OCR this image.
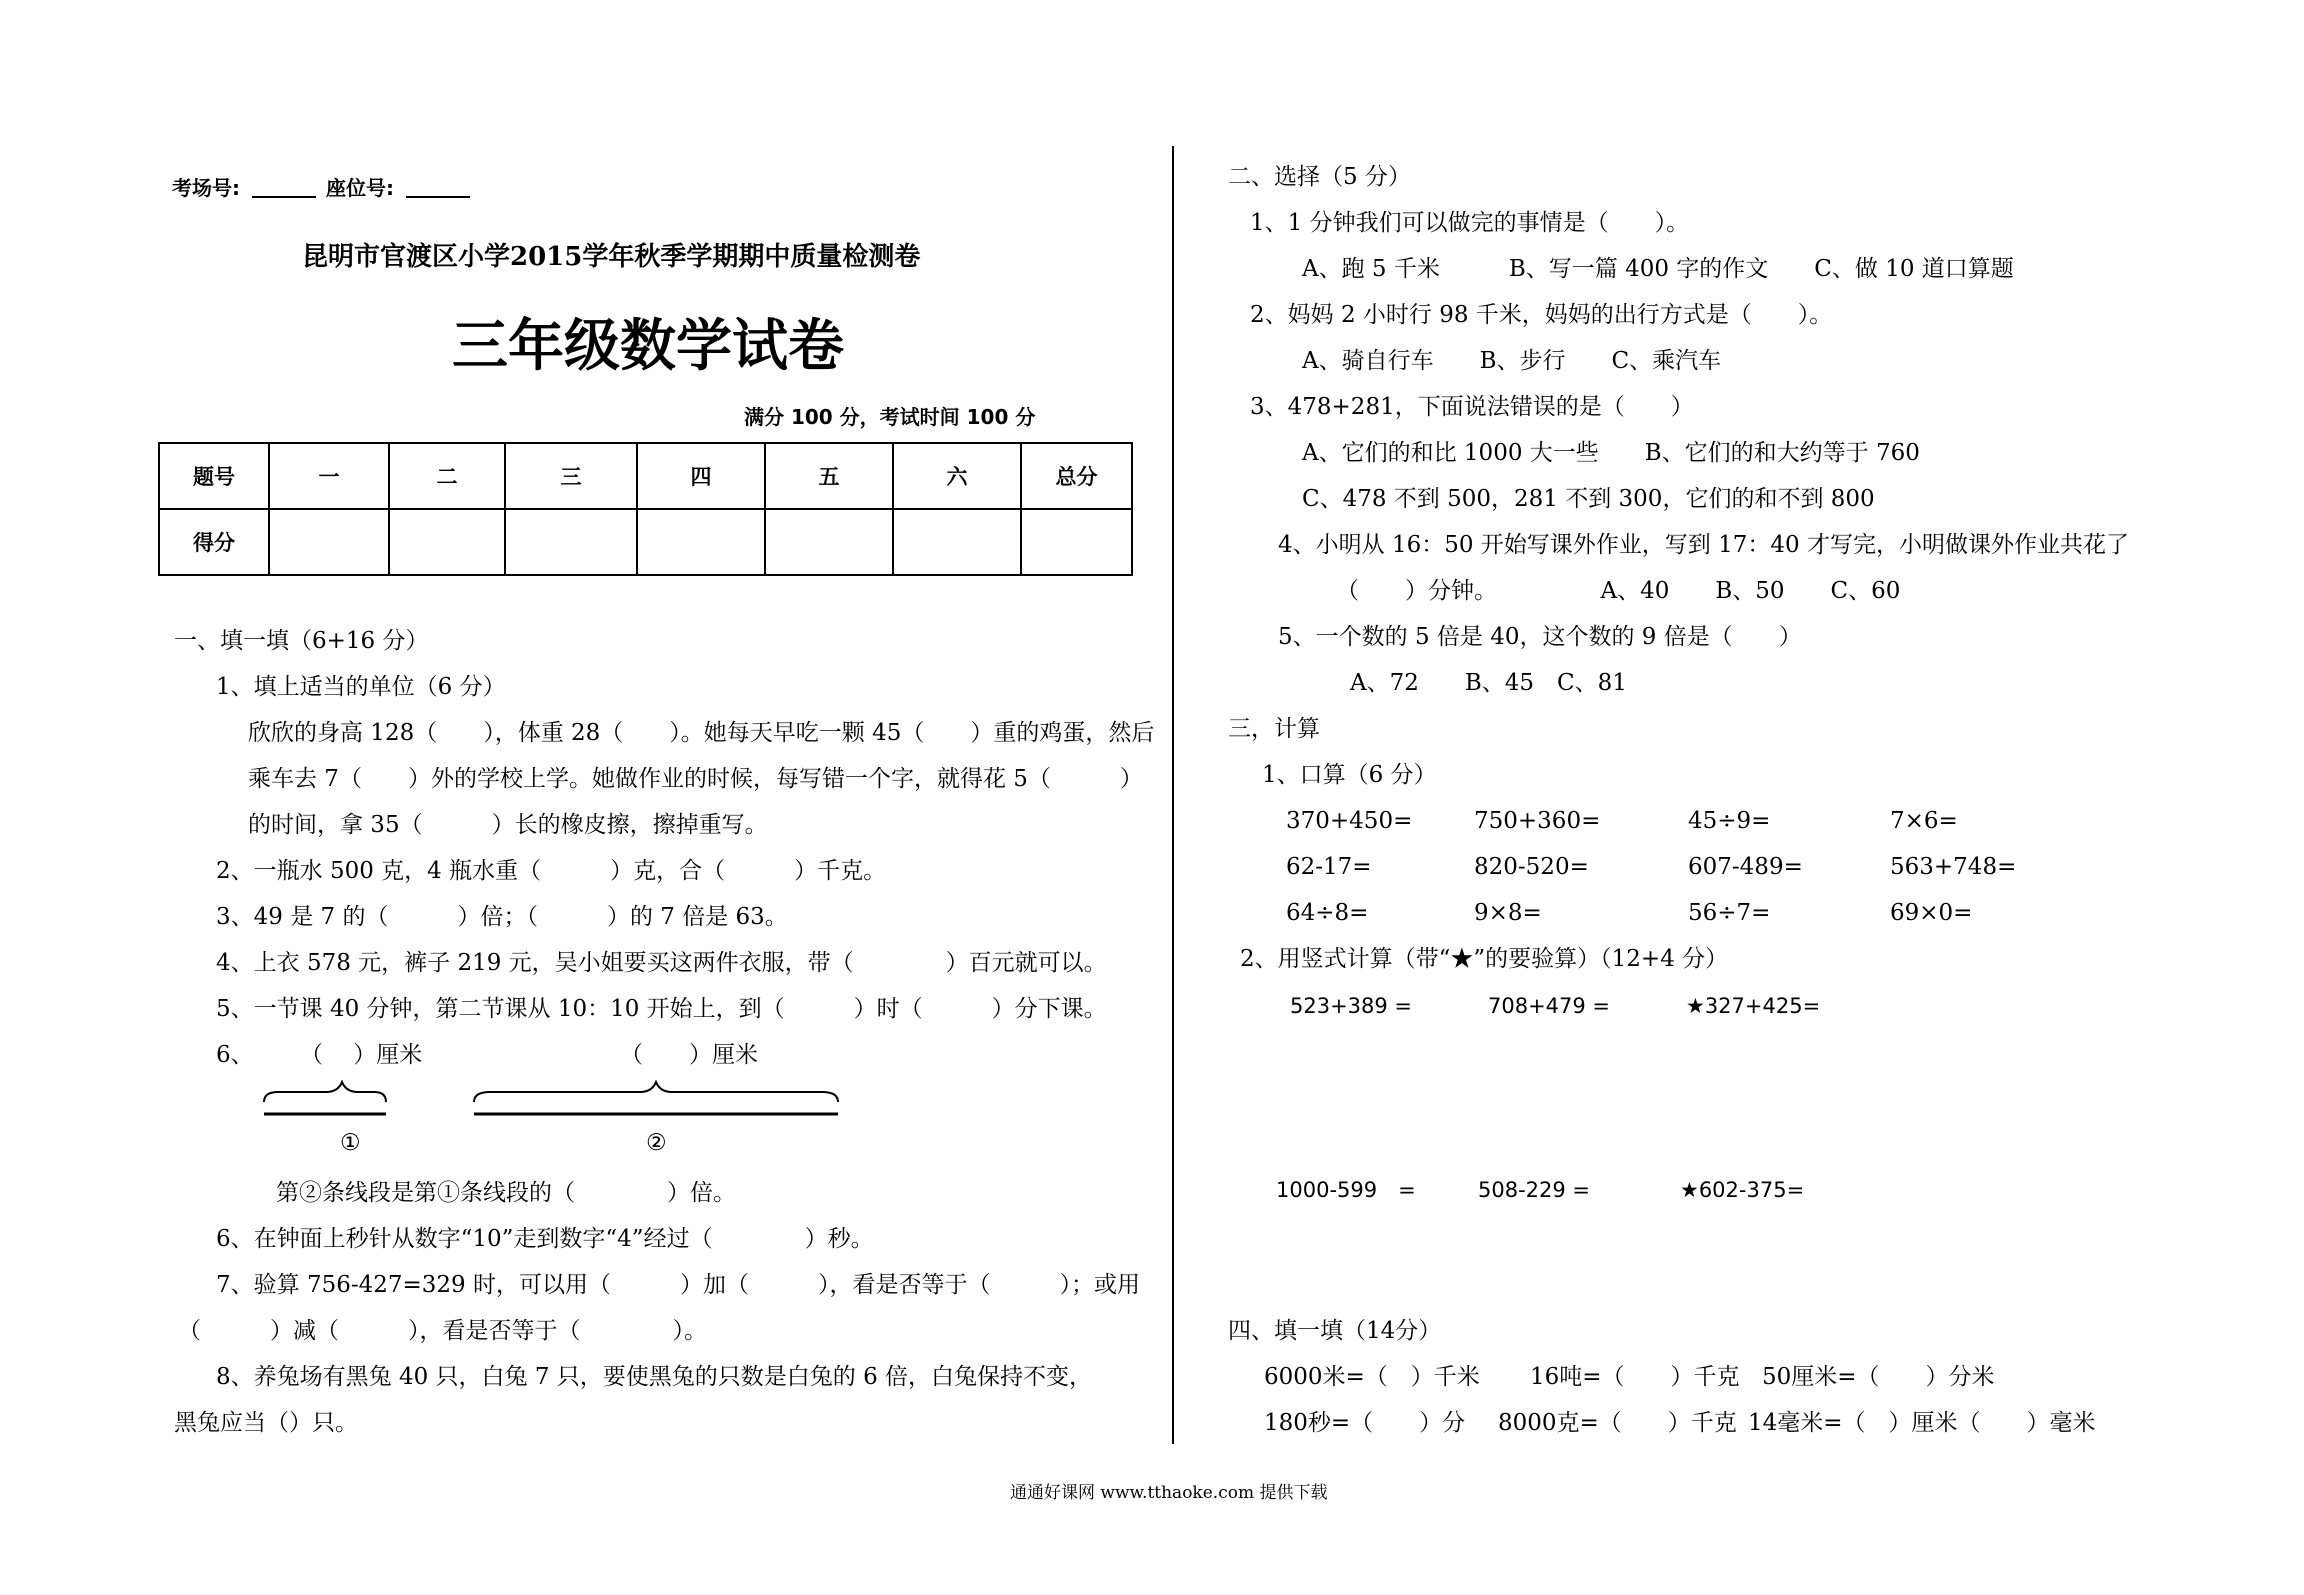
考场号:	座位号:
昆明市官渡区小学2015学年秋季学期期中质量检测卷
三年级数学试卷
满分 100 分，考试时间 100 分
题号	一	二	三	四	五	六	总分
得分							
一、填一填（6+16 分）
1、填上适当的单位（6 分）
欣欣的身高 128（　　），体重 28（　　）。她每天早吃一颗 45（　　）重的鸡蛋，然后
乘车去 7（　　）外的学校上学。她做作业的时候，每写错一个字，就得花 5（　　　）
的时间，拿 35（　　　）长的橡皮擦，擦掉重写。
2、一瓶水 500 克，4 瓶水重（　　　）克，合（　　　）千克。
3、49 是 7 的（　　　）倍；（　　　）的 7 倍是 63。
4、上衣 578 元，裤子 219 元，吴小姐要买这两件衣服，带（　　　　）百元就可以。
5、一节课 40 分钟，第二节课从 10：10 开始上，到（　　　）时（　　　）分下课。
6、 （　 ）厘米	（　　）厘米
①	②
第②条线段是第①条线段的（　　　　）倍。
6、在钟面上秒针从数字“10”走到数字“4”经过（　　　　）秒。
7、验算 756-427=329 时，可以用（　　　）加（　　　），看是否等于（　　　）；或用
（　　　）减（　　　），看是否等于（　　　　）。
8、养兔场有黑兔 40 只，白兔 7 只，要使黑兔的只数是白兔的 6 倍，白兔保持不变，
黑兔应当（）只。
二、选择（5 分）
1、1 分钟我们可以做完的事情是（　　）。
A、跑 5 千米　　　B、写一篇 400 字的作文　　C、做 10 道口算题
2、妈妈 2 小时行 98 千米，妈妈的出行方式是（　　）。
A、骑自行车　　B、步行　　C、乘汽车
3、478+281，下面说法错误的是（　　）
A、它们的和比 1000 大一些　　B、它们的和大约等于 760
C、478 不到 500，281 不到 300，它们的和不到 800
4、小明从 16：50 开始写课外作业，写到 17：40 才写完，小明做课外作业共花了
（　　）分钟。　　　　　A、40　　B、50　　C、60
5、一个数的 5 倍是 40，这个数的 9 倍是（　　）
A、72　　B、45　C、81
三，计算
1、口算（6 分）
370+450=	750+360=	45÷9=	7×6=
62-17=	820-520=	607-489=	563+748=
64÷8=	9×8=	56÷7=	69×0=
2、用竖式计算（带“★”的要验算）（12+4 分）
523+389 =	708+479 =	★327+425=
1000-599　=	508-229 =	★602-375=
四、填一填（14分）
6000米=（　）千米 16吨=（　　）千克 50厘米=（　　）分米
180秒=（　　）分 8000克=（　　）千克 14毫米=（　）厘米（　　）毫米
通通好课网 www.tthaoke.com 提供下载
